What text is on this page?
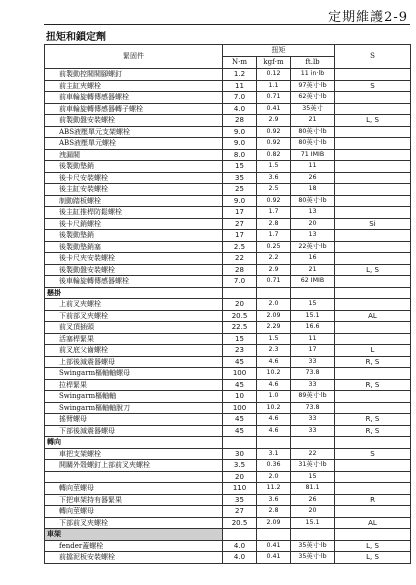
定期維護2-9
扭矩和鎖定劑
緊固件	扭矩			S
	N·m	kgf·m	ft.lb	
前製動控閥閥腳螺釘	1.2	0.12	11 in·lb	
前主缸夾螺栓	11	1.1	97英寸·lb	S
前車輪旋轉傳感器螺栓	7.0	0.71	62英寸·lb	
前車輪旋轉傳感器轉子螺栓	4.0	0.41	35英寸	
前製動盤安裝螺栓	28	2.9	21	L, S
ABS液壓單元支架螺栓	9.0	0.92	80英寸·lb	
ABS液壓單元螺栓	9.0	0.92	80英寸·lb	
洩漏閥	8.0	0.82	71 IMIB	
後製動墊銷	15	1.5	11	
後卡尺安裝螺栓	35	3.6	26	
後主缸安裝螺栓	25	2.5	18	
制動踏板螺栓	9.0	0.92	80英寸·lb	
後主缸推桿防鬆螺栓	17	1.7	13	
後卡尺銷螺栓	27	2.8	20	Si
後製動墊銷	17	1.7	13	
後製動墊銷塞	2.5	0.25	22英寸·lb	
後卡尺夾安裝螺栓	22	2.2	16	
後製動盤安裝螺栓	28	2.9	21	L, S
後車輪旋轉傳感器螺栓	7.0	0.71	62 IMIB	
懸掛				
上前叉夾螺栓	20	2.0	15	
下前部叉夾螺栓	20.5	2.09	15.1	AL
前叉頂插頭	22.5	2.29	16.6	
活塞桿緊果	15	1.5	11	
前叉底父齒螺栓	23	2.3	17	L
上部後減震器螺母	45	4.6	33	R, S
Swingarm樞軸軸螺母	100	10.2	73.8	
拉桿緊果	45	4.6	33	R, S
Swingarm樞軸軸	10	1.0	89英寸·lb	
Swingarm樞軸軸脫刀	100	10.2	73.8	
搖臂螺母	45	4.6	33	R, S
下部後減震器螺母	45	4.6	33	R, S
轉向				
車把支架螺栓	30	3.1	22	S
開關外殼螺釘上部前叉夾螺栓	3.5	0.36	31英寸·lb	
	20	2.0	15	
轉向莖螺母	110	11.2	81.1	
下把車架持有器緊果	35	3.6	26	R
轉向莖螺母	27	2.8	20	
下部前叉夾螺栓	20.5	2.09	15.1	AL
車架				
fender蓋螺栓	4.0	0.41	35英寸·lb	L, S
前擋泥板安裝螺栓	4.0	0.41	35英寸·lb	L, S
